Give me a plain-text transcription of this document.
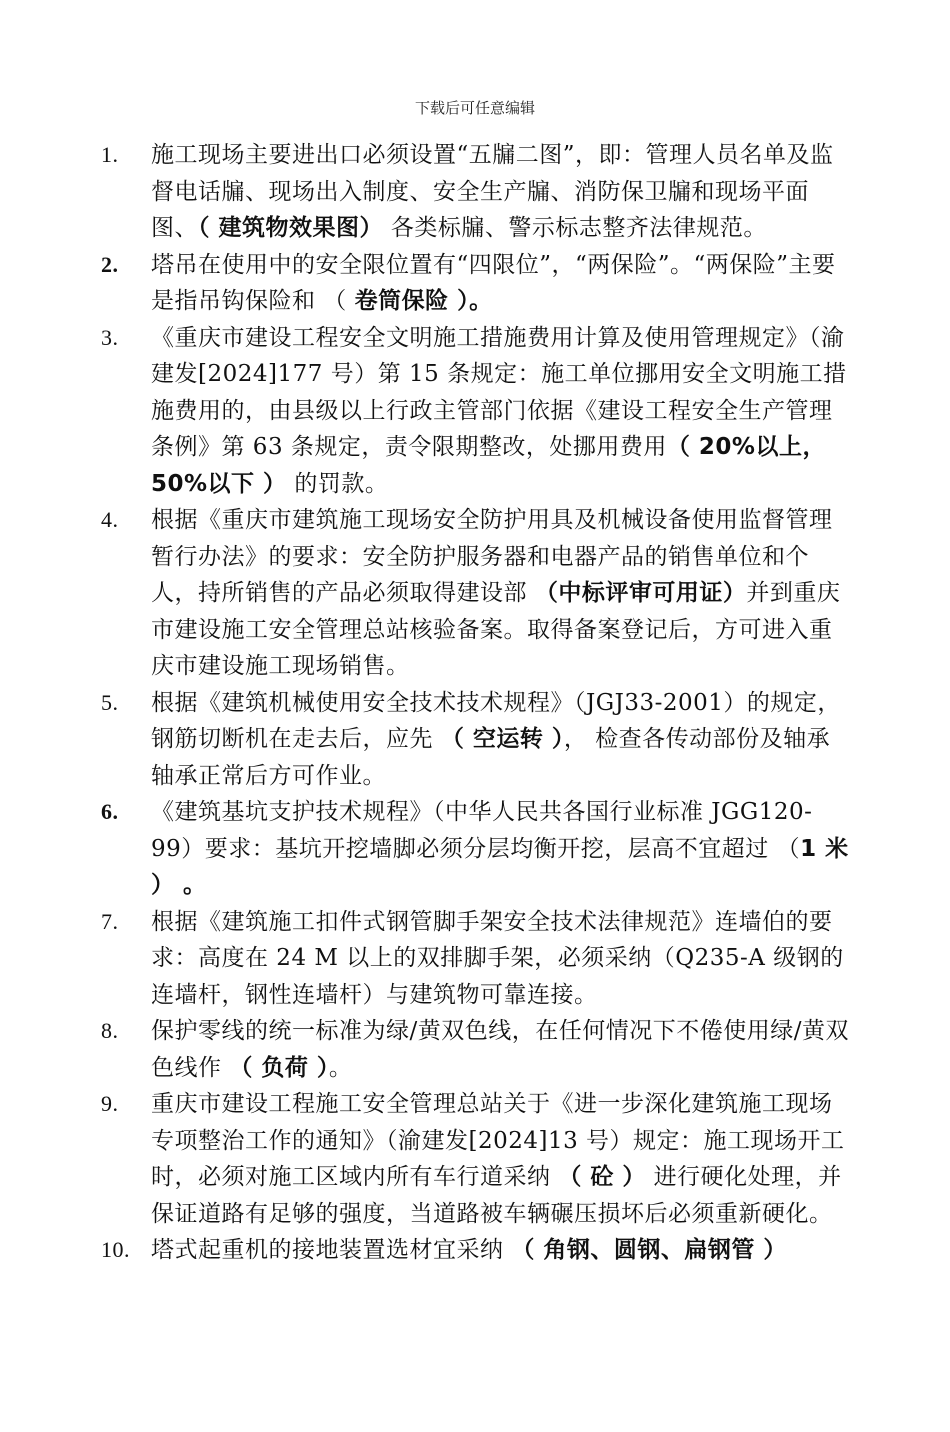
下载后可任意编辑
1.	施工现场主要进出口必须设置“五牖二图”，即：管理人员名单及监督电话牖、现场出入制度、安全生产牖、消防保卫牖和现场平面图、（ 建筑物效果图） 各类标牖、警示标志整齐法律规范。
2.	塔吊在使用中的安全限位置有“四限位”，“两保险”。“两保险”主要是指吊钩保险和 （ 卷筒保险 ）。
3.	《重庆市建设工程安全文明施工措施费用计算及使用管理规定》（渝建发[2024]177 号）第 15 条规定：施工单位挪用安全文明施工措施费用的，由县级以上行政主管部门依据《建设工程安全生产管理条例》第 63 条规定，责令限期整改，处挪用费用（ 20%以上，50%以下 ） 的罚款。
4.	根据《重庆市建筑施工现场安全防护用具及机械设备使用监督管理暂行办法》的要求：安全防护服务器和电器产品的销售单位和个人，持所销售的产品必须取得建设部 （中标评审可用证）并到重庆市建设施工安全管理总站核验备案。取得备案登记后，方可进入重庆市建设施工现场销售。
5.	根据《建筑机械使用安全技术技术规程》（JGJ33-2001）的规定，钢筋切断机在走去后，应先 （ 空运转 ）， 检查各传动部份及轴承轴承正常后方可作业。
6.	《建筑基坑支护技术规程》（中华人民共各国行业标准 JGG120-99）要求：基坑开挖墙脚必须分层均衡开挖，层高不宜超过 （1 米 ） 。
7.	根据《建筑施工扣件式钢管脚手架安全技术法律规范》连墙伯的要求：高度在 24 M 以上的双排脚手架，必须采纳（Q235-A 级钢的连墙杆，钢性连墙杆）与建筑物可靠连接。
8.	保护零线的统一标准为绿/黄双色线，在任何情况下不倦使用绿/黄双色线作 （ 负荷 ）。
9.	重庆市建设工程施工安全管理总站关于《进一步深化建筑施工现场专项整治工作的通知》（渝建发[2024]13 号）规定：施工现场开工时，必须对施工区域内所有车行道采纳 （ 砼 ） 进行硬化处理，并保证道路有足够的强度，当道路被车辆碾压损坏后必须重新硬化。
10. 塔式起重机的接地装置选材宜采纳 （ 角钢、圆钢、扁钢管 ）
